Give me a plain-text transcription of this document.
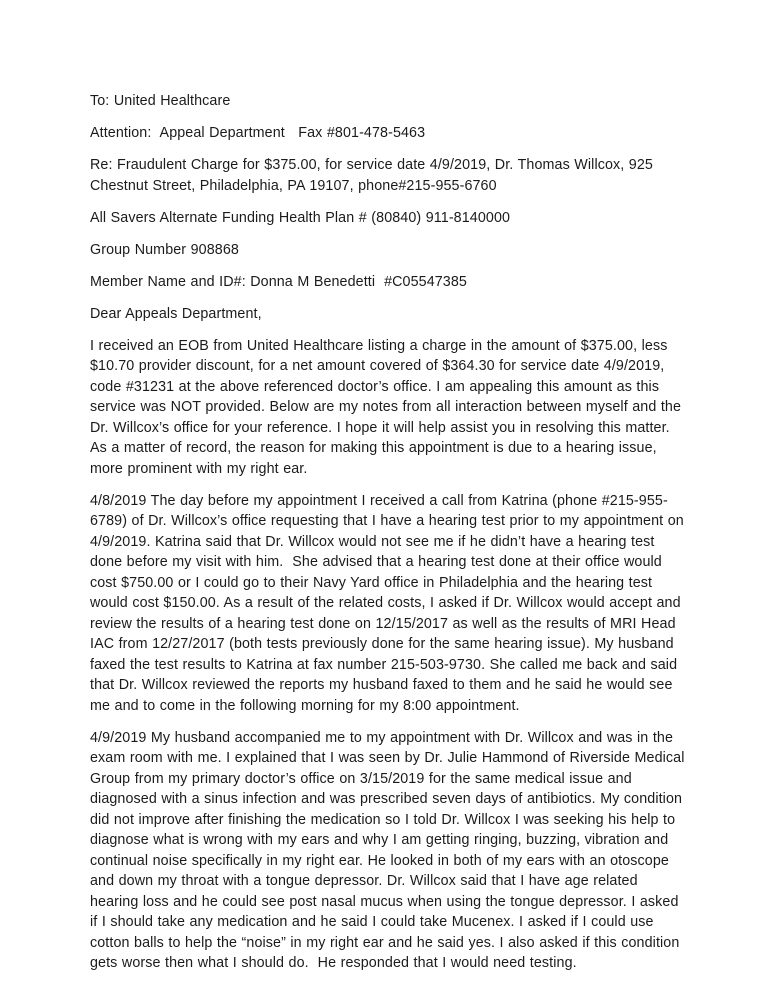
To: United Healthcare

Attention:  Appeal Department   Fax #801-478-5463

Re: Fraudulent Charge for $375.00, for service date 4/9/2019, Dr. Thomas Willcox, 925 Chestnut Street, Philadelphia, PA 19107, phone#215-955-6760

All Savers Alternate Funding Health Plan # (80840) 911-8140000

Group Number 908868

Member Name and ID#: Donna M Benedetti  #C05547385

Dear Appeals Department,

I received an EOB from United Healthcare listing a charge in the amount of $375.00, less $10.70 provider discount, for a net amount covered of $364.30 for service date 4/9/2019, code #31231 at the above referenced doctor’s office. I am appealing this amount as this service was NOT provided. Below are my notes from all interaction between myself and the Dr. Willcox’s office for your reference. I hope it will help assist you in resolving this matter. As a matter of record, the reason for making this appointment is due to a hearing issue, more prominent with my right ear.

4/8/2019 The day before my appointment I received a call from Katrina (phone #215-955-6789) of Dr. Willcox’s office requesting that I have a hearing test prior to my appointment on 4/9/2019. Katrina said that Dr. Willcox would not see me if he didn’t have a hearing test done before my visit with him.  She advised that a hearing test done at their office would cost $750.00 or I could go to their Navy Yard office in Philadelphia and the hearing test would cost $150.00. As a result of the related costs, I asked if Dr. Willcox would accept and review the results of a hearing test done on 12/15/2017 as well as the results of MRI Head IAC from 12/27/2017 (both tests previously done for the same hearing issue). My husband faxed the test results to Katrina at fax number 215-503-9730. She called me back and said that Dr. Willcox reviewed the reports my husband faxed to them and he said he would see me and to come in the following morning for my 8:00 appointment.

4/9/2019 My husband accompanied me to my appointment with Dr. Willcox and was in the exam room with me. I explained that I was seen by Dr. Julie Hammond of Riverside Medical Group from my primary doctor’s office on 3/15/2019 for the same medical issue and diagnosed with a sinus infection and was prescribed seven days of antibiotics. My condition did not improve after finishing the medication so I told Dr. Willcox I was seeking his help to diagnose what is wrong with my ears and why I am getting ringing, buzzing, vibration and continual noise specifically in my right ear. He looked in both of my ears with an otoscope and down my throat with a tongue depressor. Dr. Willcox said that I have age related hearing loss and he could see post nasal mucus when using the tongue depressor. I asked if I should take any medication and he said I could take Mucenex. I asked if I could use cotton balls to help the “noise” in my right ear and he said yes. I also asked if this condition gets worse then what I should do.  He responded that I would need testing.
